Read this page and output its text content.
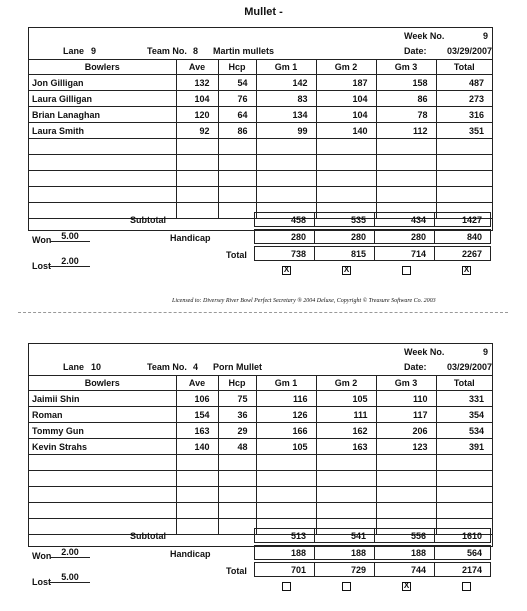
Mullet -
Week No.	9
Lane 9	Team No. 8 Martin mullets	Date: 03/29/2007
Bowlers	Ave	Hcp	Gm 1	Gm 2	Gm 3	Total
Jon Gilligan	132	54	142	187	158	487
Laura Gilligan	104	76	83	104	86	273
Brian Lanaghan	120	64	134	104	78	316
Laura Smith	92	86	99	140	112	351

Subtotal	458	535	434	1427
Handicap	280	280	280	840
Total	738	815	714	2267
Won	5.00
Lost	2.00
X
X
X
Licensed to: Diversey River Bowl Perfect Secretary ® 2004 Deluxe, Copyright © Treasure Software Co. 2003
Week No.	9
Lane 10	Team No. 4 Porn Mullet	Date: 03/29/2007
Bowlers	Ave	Hcp	Gm 1	Gm 2	Gm 3	Total
Jaimii Shin	106	75	116	105	110	331
Roman	154	36	126	111	117	354
Tommy Gun	163	29	166	162	206	534
Kevin Strahs	140	48	105	163	123	391

Subtotal	513	541	556	1610
Handicap	188	188	188	564
Total	701	729	744	2174
Won	2.00
Lost	5.00
X
